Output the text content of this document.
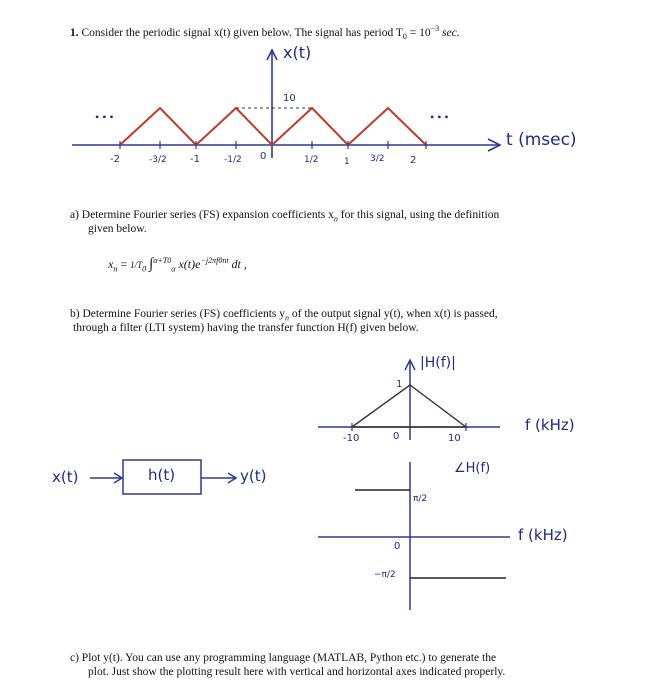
1. Consider the periodic signal x(t) given below. The signal has period $T_0 = 10^{-3}$ sec.
x(t)
10
• • •	• • •
t (msec)
-2	-3/2 -1	-1/2 0	1/2	1 3/2	2
a) Determine Fourier series (FS) expansion coefficients $x_n$ for this signal, using the definition
given below.
$x_n = 1/T_0$ ∫$^{\alpha+T0}_\alpha$ $x(t)e^{-j2\pi f0nt}$ dt ,
b) Determine Fourier series (FS) coefficients $y_n$ of the output signal y(t), when x(t) is passed,
through a filter (LTI system) having the transfer function H(f) given below.
|H(f)|
1
-10	0	10
f (kHz)
∠H(f)
π/2
0
−π/2
f (kHz)
x(t)	h(t)	y(t)
c) Plot y(t). You can use any programming language (MATLAB, Python etc.) to generate the
plot. Just show the plotting result here with vertical and horizontal axes indicated properly.
